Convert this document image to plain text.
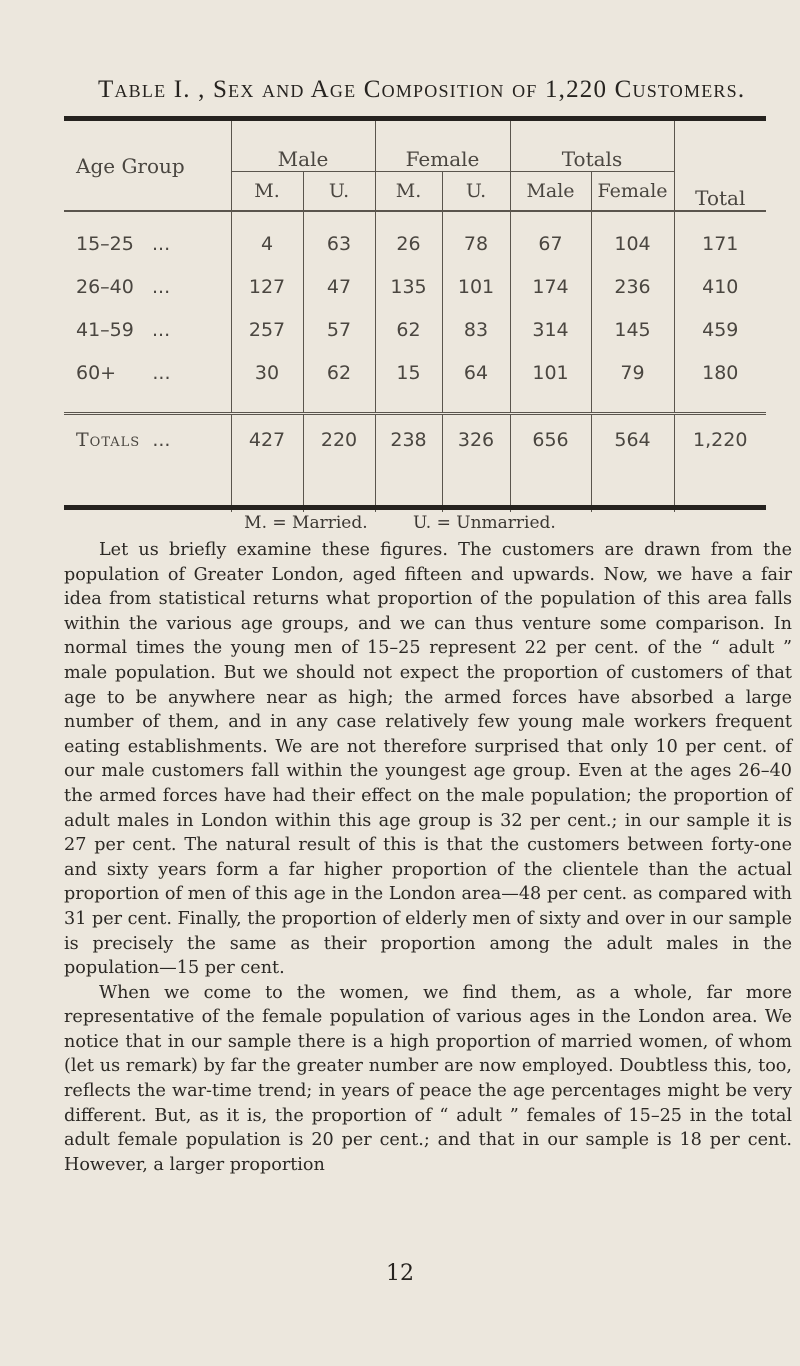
Table I. , Sex and Age Composition of 1,220 Customers.
Age Group	Male		Female		Totals		Total
	M.	U.	M.	U.	Male	Female	

15–25 ...	4	63	26	78	67	104	171
26–40 ...	127	47	135	101	174	236	410
41–59 ...	257	57	62	83	314	145	459
60+ ...	30	62	15	64	101	79	180
Totals ...	427	220	238	326	656	564	1,220
M. = Married.	U. = Unmarried.

Let us briefly examine these figures. The customers are drawn from the population of Greater London, aged fifteen and upwards. Now, we have a fair idea from statistical returns what proportion of the population of this area falls within the various age groups, and we can thus venture some comparison. In normal times the young men of 15–25 represent 22 per cent. of the “ adult ” male population. But we should not expect the proportion of customers of that age to be anywhere near as high; the armed forces have absorbed a large number of them, and in any case relatively few young male workers frequent eating establishments. We are not therefore surprised that only 10 per cent. of our male customers fall within the youngest age group. Even at the ages 26–40 the armed forces have had their effect on the male population; the proportion of adult males in London within this age group is 32 per cent.; in our sample it is 27 per cent. The natural result of this is that the customers between forty-one and sixty years form a far higher proportion of the clientele than the actual proportion of men of this age in the London area—48 per cent. as compared with 31 per cent. Finally, the proportion of elderly men of sixty and over in our sample is precisely the same as their proportion among the adult males in the population—15 per cent.

When we come to the women, we find them, as a whole, far more representative of the female population of various ages in the London area. We notice that in our sample there is a high proportion of married women, of whom (let us remark) by far the greater number are now employed. Doubtless this, too, reflects the war-time trend; in years of peace the age percentages might be very different. But, as it is, the proportion of “ adult ” females of 15–25 in the total adult female population is 20 per cent.; and that in our sample is 18 per cent. However, a larger proportion

12
